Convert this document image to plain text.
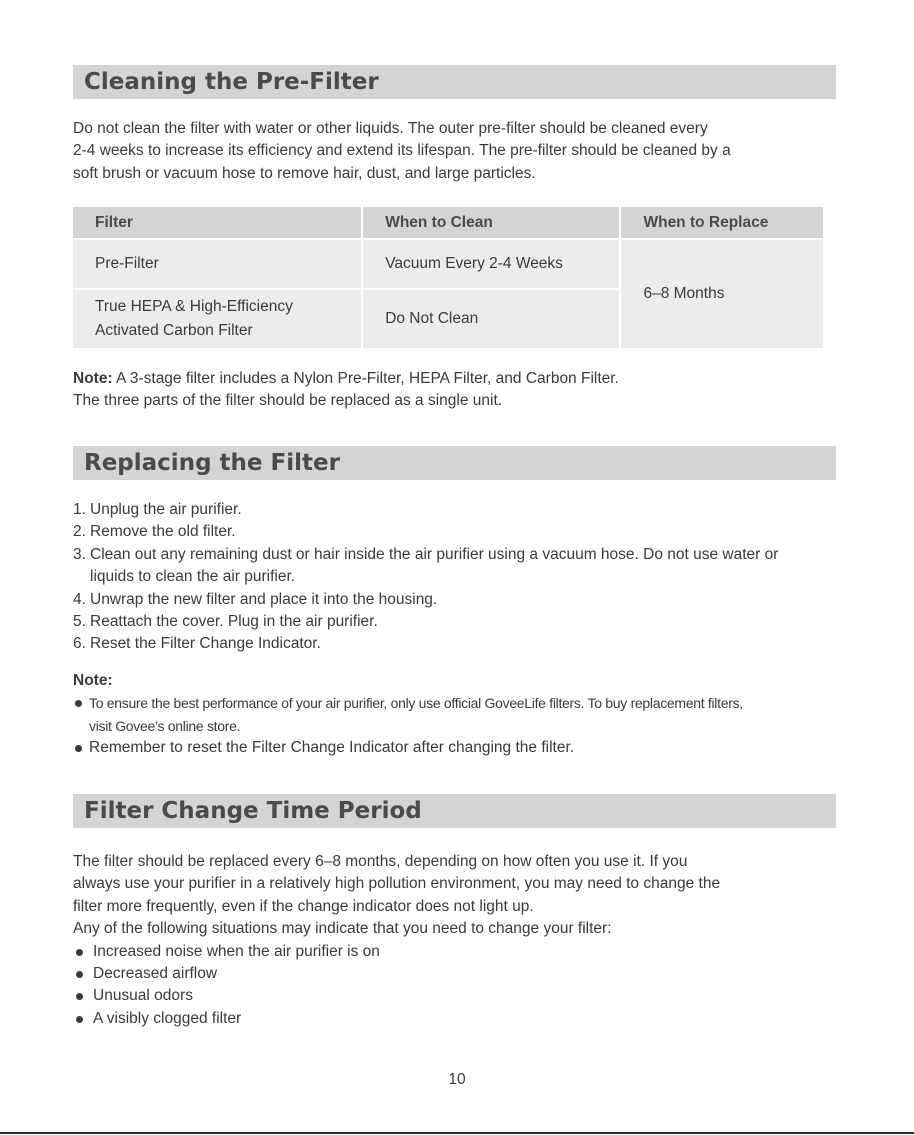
Cleaning the Pre-Filter

Do not clean the filter with water or other liquids. The outer pre-filter should be cleaned every

2-4 weeks to increase its efficiency and extend its lifespan. The pre-filter should be cleaned by a

soft brush or vacuum hose to remove hair, dust, and large particles.

Filter	When to Clean	When to Replace
Pre-Filter	Vacuum Every 2-4 Weeks	6–8 Months

True HEPA & High-Efficiency
Activated Carbon Filter	Do Not Clean	

Note: A 3-stage filter includes a Nylon Pre-Filter, HEPA Filter, and Carbon Filter.

The three parts of the filter should be replaced as a single unit.

Replacing the Filter
1. Unplug the air purifier.
2. Remove the old filter.
3. Clean out any remaining dust or hair inside the air purifier using a vacuum hose. Do not use water or liquids to clean the air purifier.
4. Unwrap the new filter and place it into the housing.
5. Reattach the cover. Plug in the air purifier.
6. Reset the Filter Change Indicator.

Note:

To ensure the best performance of your air purifier, only use official GoveeLife filters. To buy replacement filters, visit Govee’s online store.
Remember to reset the Filter Change Indicator after changing the filter.
Filter Change Time Period

The filter should be replaced every 6–8 months, depending on how often you use it. If you

always use your purifier in a relatively high pollution environment, you may need to change the

filter more frequently, even if the change indicator does not light up.

Any of the following situations may indicate that you need to change your filter:

Increased noise when the air purifier is on
Decreased airflow
Unusual odors
A visibly clogged filter
10
